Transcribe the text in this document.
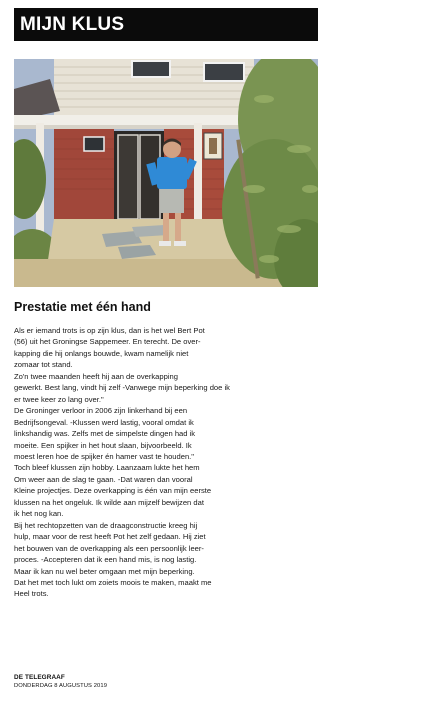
MIJN KLUS
Prestatie met één hand

Als er iemand trots is op zijn klus, dan is het wel Bert Pot

(56) uit het Groningse Sappemeer. En terecht. De over-

kapping die hij onlangs bouwde, kwam namelijk niet

zomaar tot stand.

Zo'n twee maanden heeft hij aan de overkapping

gewerkt. Best lang, vindt hij zelf -Vanwege mijn beperking doe ik

er twee keer zo lang over."

De Groninger verloor in 2006 zijn linkerhand bij een

Bedrijfsongeval. -Klussen werd lastig, vooral omdat ik

linkshandig was. Zelfs met de simpelste dingen had ik

moeite. Een spijker in het hout slaan, bijvoorbeeld. Ik

moest leren hoe de spijker én hamer vast te houden."

Toch bleef klussen zijn hobby. Laanzaam lukte het hem

Om weer aan de slag te gaan. -Dat waren dan vooral

Kleine projectjes. Deze overkapping is één van mijn eerste

klussen na het ongeluk. Ik wilde aan mijzelf bewijzen dat

ik het nog kan.

Bij het rechtopzetten van de draagconstructie kreeg hij

hulp, maar voor de rest heeft Pot het zelf gedaan. Hij ziet

het bouwen van de overkapping als een persoonlijk leer-

proces. -Accepteren dat ik een hand mis, is nog lastig.

Maar ik kan nu wel beter omgaan met mijn beperking.

Dat het met toch lukt om zoiets moois te maken, maakt me

Heel trots.

DE TELEGRAAF
DONDERDAG 8 AUGUSTUS 2019
